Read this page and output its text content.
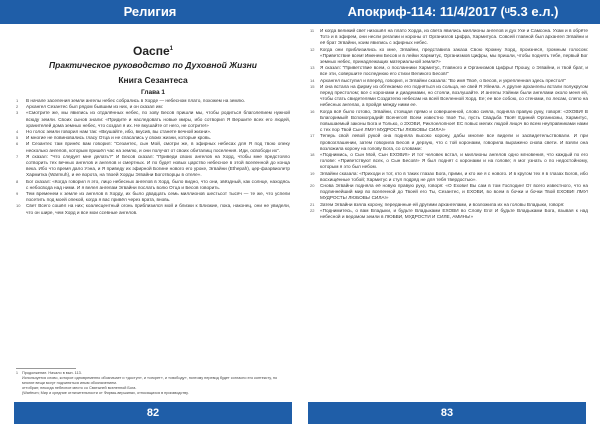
Религия
Оаспе$^1$
Практическое руководство по Духовной Жизни
Книга Сезантеса
Глава 1
1	В начале заселения земли ангелы небес собрались в Хорде — небесном плато, похожем на землю.
2	Архангел Сезантес был рядом бывшим из них, и он сказал им:
3	«Смотрите же, мы явились из отдалённых небес, по зову Бесов пришли мы, чтобы родиться благолепием нужной всюду земли. Своих сынов знали: «Придите и наследовать новые миры, ибо сотворил Я Вершите всех его людей, хранителей дома земных небес, что создал я их. Не вкушайте от него, не сотрите!»
4	Но голос земли говорил нам так: «Вкушайте, ибо, вкусив, вы станете вечной жизни».
5	И многие не повиновались гласу Отца и не спасались у своих жизни, которые кровь.
6	И Сезантес там принёс вам говорил: "Сезантес, сын Мой, смотри же, в эфирных небесах для Я под твою опеку несколько ангелов, которым пришёл час на землю, и они получат от своих обиталищ поселения. Иди, освободи их".
7	Я сказал: "Что следует мне делать?" И Бесов сказал: "Приведи своих ангелов на Хорд, чтобы мне предстояло сотворить тех вечных ангелов и ангелов и смертных. И по будет новых царство небесное в этой вселенной до конца века. Ибо что время дало Уэна, и Я приведу их эфирной Богине нового его уроке, Эгвайни (Ethepah), цер-фаэрвиолетр Хармитка (Warmuh), и ее ворота, на твоей Хорды Эгвайни Боготворцы в отеле».
8	Бог сказал: «Когда говорил я это, лицо небесных ангелов в Хорд, было видно, что они, звёздный, как солнце, находясь с небосвода над ними. И я велел ангелам Эгвайни послать волю Отца и Бесов говорить.
9	Тем временем к земле из ангелов в Хорду, их было двадцать семь миллионов шестьсот тысяч — те же, что успели посетить под моей опекой, когда я вас привёл через врата, вновь.
10	Свет Всего сошёл на них; коалесцентный огонь приблизился мой и близки к Близкие, пока, наконец, они не увидели, что он шире, чем Хорд и все мои ссевные ангелов.
1	Продолжение. Начало в вып. 113.
Используется слово, которое одновременно обозначает и «доступ», и «секрет», и «свободу», поэтому перевод будет согласно его контексту, но многие вещи могут подчиняться иным обозначением.
оттобран; некогда небесное место со Святыней вселенной Бога.
(Warfeum; Мир и средние отличительности от Фирмы-вершинах, относящихся в производству.
82
Апокриф-114: 11/4/2017 (ᵘ5.3 е.л.)
11	И когда великий свет низошёл на плато Хорда, из света явились миллионы ангелов и дух Ухе и Самсона. Ухам и в обрёте Тотэ и в эфирем, они несли регалии и короны от Организгов Цифра, Хармитуса. Совсей главной был архангел Эгвайни и её брат Эгвайни, коим явились с эфирных небес.
12	Когда они приблизились ко мне, Эгвайни, представила заказа Свою Кромну Хорд, произнеся, громным голосом: «Приветствие всем! Именем Бесов и в лейки Хармитус, Организмов Цифры, мы пришли, чтобы поднять тебе, первый Бог земных небес, принадлежащих материальной земли?»
13	Я сказал: "Приветствие всем, о посланники Хармитус, Главного и Организмов Цифры! Прошу, о Эгвайни, и твой брат, и все эти, совершите последнюю его стихи Великого Бесов!"
14	Архангел выступил и вперёд, говорил, и Эгвайни сказала: "Во имя Твоё, о Бесов, и укрепленная здесь престол!"
15	И она встала на фирму из обтекаемо его подняться из сольца, не свей Я Уйеила. А другие архангелы встали полукругом перед престолом; все с коронами и диадемами, но стояли, возлушайте. И ангелы Уайнии были ангелами около меня ей, чтобы стать свидетелями Создателю небесам на всей Вселенной Хорд. Ее; ее все собою, со стенами, по лесам, слепо на небесных ангелах, а пройдя между ними ее.
16	Когда всё было готово, Эгвайни, стоящая прямо и совершенной, слово сияла, подняла правую руку, говоря: «ЗХОВИ! В Благоримый! Вспомоградий! Всенегоп! Всем известно твоё Ты, пусть Свадьба Твоё! Единий Органисмы, Хармитус, повышаемый законы Бога и Только, о ЗХОВИ, Риклоелопное! ЕС повыс мелих людой лицоч во всем неуправниками нами с тех пор Твой Сын! ЛМУ! МУДРОСТЬ! ЛЮБОВЬ! СИЛА!»
17	Теперь свой левой рукой она подняла высоко корону, дабы многие все видели и засвидетельствовали. И при провозглашении, затем говорила Бесов и дерзую, что с той коронами, говорила выражено снова свети. И взяли она возложила корону на голову Бога, со словами:
18	«Поднимись, о Сын Мой, Сын ЕХОВИ!» И тот человек встал, и миллионы ангелов одно мгновения, что каждый по его голове: «Приветствуют всех, о Сын Бесов!» Я был поднят с коронами и на голове; я мог узнать о по недостойному, которым я это был небом.
19	Эгвайни сказала: «Приходи и тот, кто в таких глазах Бога, прими, и кто же я с нового. И в кругом тех я в глазах Богов, ибо восхищённые тобой; Хармитус и стул подряд не для тебя твердостью».
20	Снова Эгвайни подняла её новую правую руку, говоря: «О Ехови! Вы сам в том Господин! От всего известного, что на подлиннейший мир во вселенной до Твоей его Ты, Сезантес, и ЕХОВИ, во всем в бочки и бочки Твой ЕХОВИ! ЛМУ! МУДРОСТЬ! ЛЮБОВЬ! СИЛА!»
21	Затем Эгвайни взяла корону, переданные ей другими архангелами, и возложила их на головы Владыки, говоря:
22	«Поднимитесь, о вам Владыки, и будьте Владыками ЕХОВИ во Слову Его! И будьте Владыками Бога, взывая к над небесной и ведомом земли в ЛЮБВИ, МУДРОСТИ И СИЛЕ, АМИНЬ!»
83
